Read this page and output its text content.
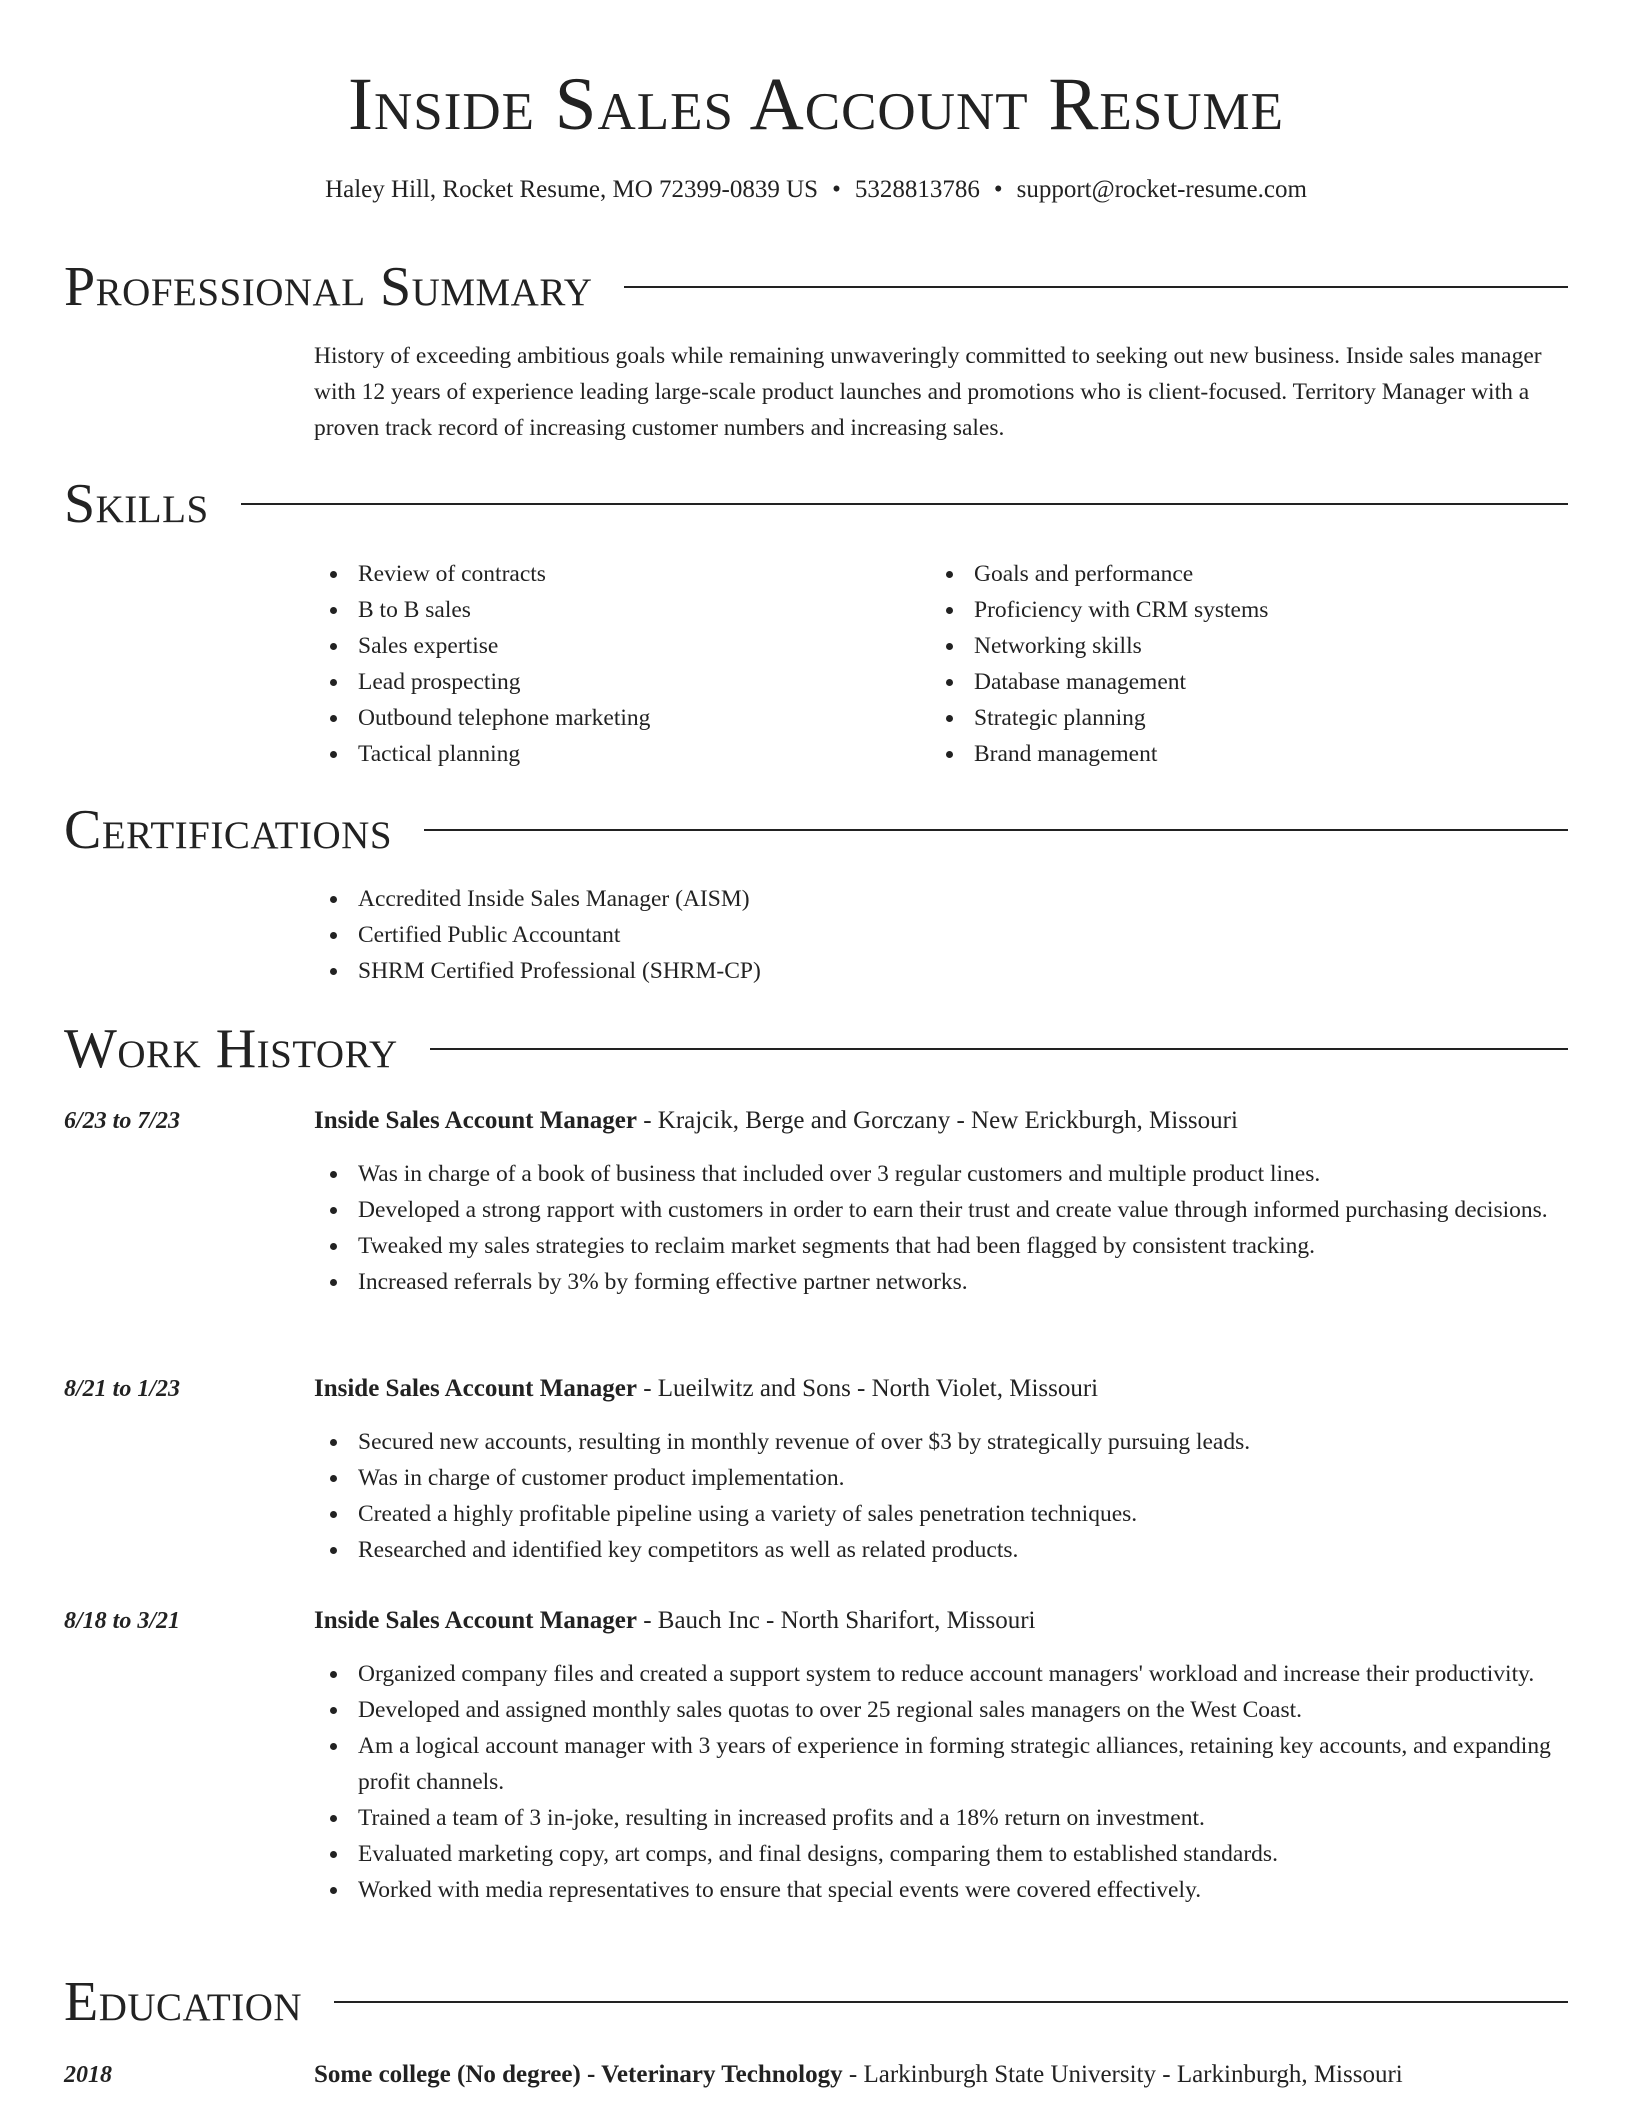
Inside Sales Account Resume
Haley Hill, Rocket Resume, MO 72399-0839 US • 5328813786 • support@rocket-resume.com
Professional Summary

History of exceeding ambitious goals while remaining unwaveringly committed to seeking out new business. Inside sales manager with 12 years of experience leading large-scale product launches and promotions who is client-focused. Territory Manager with a proven track record of increasing customer numbers and increasing sales.

Skills
Review of contracts
B to B sales
Sales expertise
Lead prospecting
Outbound telephone marketing
Tactical planning
Goals and performance
Proficiency with CRM systems
Networking skills
Database management
Strategic planning
Brand management
Certifications
Accredited Inside Sales Manager (AISM)
Certified Public Accountant
SHRM Certified Professional (SHRM-CP)
Work History
6/23 to 7/23	Inside Sales Account Manager - Krajcik, Berge and Gorczany - New Erickburgh, Missouri
Was in charge of a book of business that included over 3 regular customers and multiple product lines.
Developed a strong rapport with customers in order to earn their trust and create value through informed purchasing decisions.
Tweaked my sales strategies to reclaim market segments that had been flagged by consistent tracking.
Increased referrals by 3% by forming effective partner networks.
8/21 to 1/23	Inside Sales Account Manager - Lueilwitz and Sons - North Violet, Missouri
Secured new accounts, resulting in monthly revenue of over $3 by strategically pursuing leads.
Was in charge of customer product implementation.
Created a highly profitable pipeline using a variety of sales penetration techniques.
Researched and identified key competitors as well as related products.
8/18 to 3/21	Inside Sales Account Manager - Bauch Inc - North Sharifort, Missouri
Organized company files and created a support system to reduce account managers' workload and increase their productivity.
Developed and assigned monthly sales quotas to over 25 regional sales managers on the West Coast.
Am a logical account manager with 3 years of experience in forming strategic alliances, retaining key accounts, and expanding profit channels.
Trained a team of 3 in-joke, resulting in increased profits and a 18% return on investment.
Evaluated marketing copy, art comps, and final designs, comparing them to established standards.
Worked with media representatives to ensure that special events were covered effectively.
Education
2018	Some college (No degree) - Veterinary Technology - Larkinburgh State University - Larkinburgh, Missouri
